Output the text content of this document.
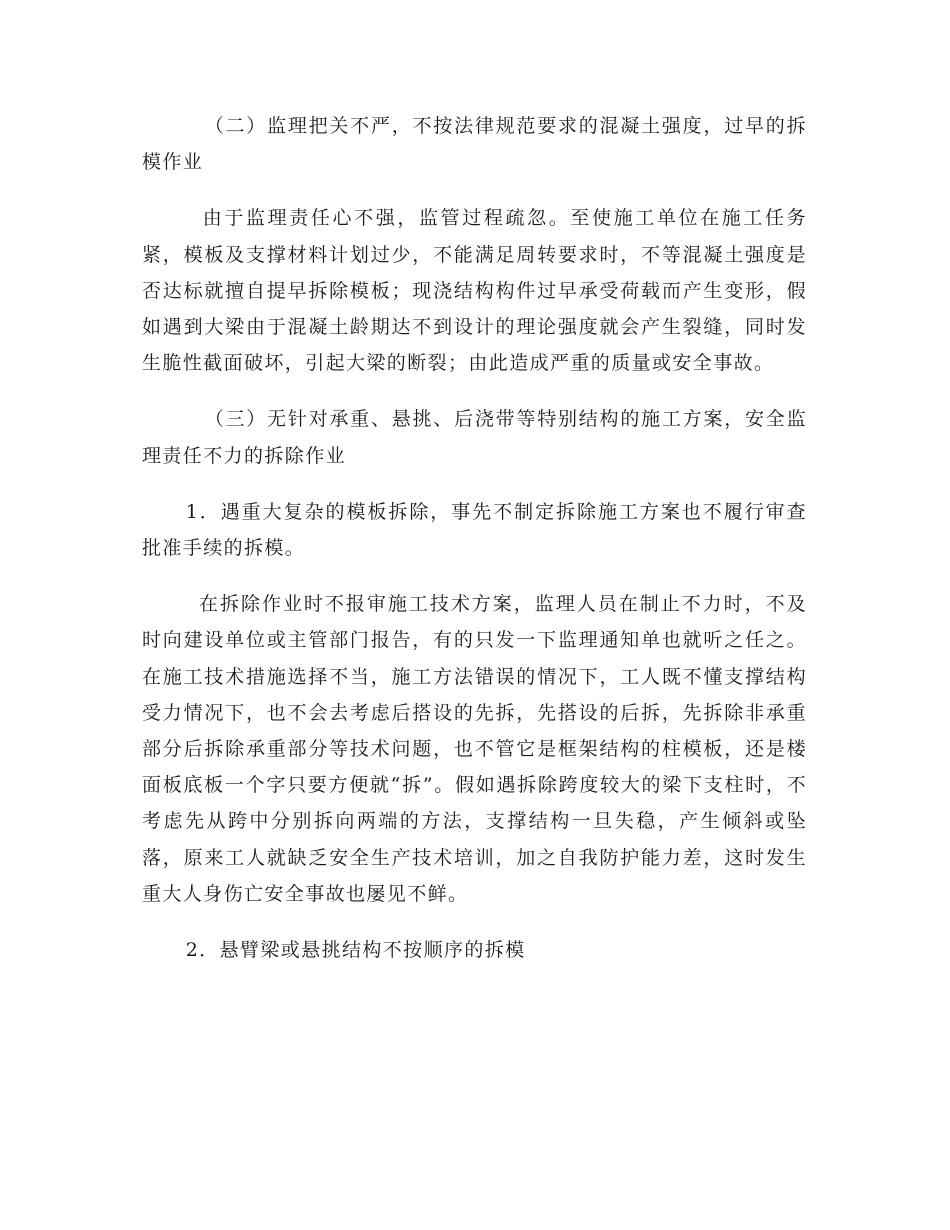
（二）监理把关不严，不按法律规范要求的混凝土强度，过早的拆模作业

由于监理责任心不强，监管过程疏忽。至使施工单位在施工任务紧，模板及支撑材料计划过少，不能满足周转要求时，不等混凝土强度是否达标就擅自提早拆除模板；现浇结构构件过早承受荷载而产生变形，假如遇到大梁由于混凝土龄期达不到设计的理论强度就会产生裂缝，同时发生脆性截面破坏，引起大梁的断裂；由此造成严重的质量或安全事故。

（三）无针对承重、悬挑、后浇带等特别结构的施工方案，安全监理责任不力的拆除作业

1．遇重大复杂的模板拆除，事先不制定拆除施工方案也不履行审查批准手续的拆模。

在拆除作业时不报审施工技术方案，监理人员在制止不力时，不及时向建设单位或主管部门报告，有的只发一下监理通知单也就听之任之。在施工技术措施选择不当，施工方法错误的情况下，工人既不懂支撑结构受力情况下，也不会去考虑后搭设的先拆，先搭设的后拆，先拆除非承重部分后拆除承重部分等技术问题，也不管它是框架结构的柱模板，还是楼面板底板一个字只要方便就“拆”。假如遇拆除跨度较大的梁下支柱时，不考虑先从跨中分别拆向两端的方法，支撑结构一旦失稳，产生倾斜或坠落，原来工人就缺乏安全生产技术培训，加之自我防护能力差，这时发生重大人身伤亡安全事故也屡见不鲜。

2．悬臂梁或悬挑结构不按顺序的拆模
